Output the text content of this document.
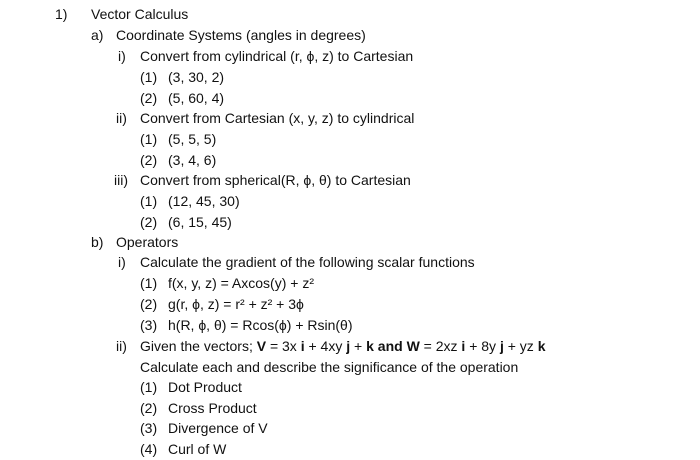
1) Vector Calculus
a) Coordinate Systems (angles in degrees)
i) Convert from cylindrical (r, ϕ, z) to Cartesian
(1) (3, 30, 2)
(2) (5, 60, 4)
ii) Convert from Cartesian (x, y, z) to cylindrical
(1) (5, 5, 5)
(2) (3, 4, 6)
iii) Convert from spherical(R, ϕ, θ) to Cartesian
(1) (12, 45, 30)
(2) (6, 15, 45)
b) Operators
i) Calculate the gradient of the following scalar functions
(1) f(x, y, z) = Axcos(y) + z²
(2) g(r, ϕ, z) = r² + z² + 3ϕ
(3) h(R, ϕ, θ) = Rcos(ϕ) + Rsin(θ)
ii) Given the vectors; V = 3x i + 4xy j + k and W = 2xz i + 8y j + yz k
Calculate each and describe the significance of the operation
(1) Dot Product
(2) Cross Product
(3) Divergence of V
(4) Curl of W
